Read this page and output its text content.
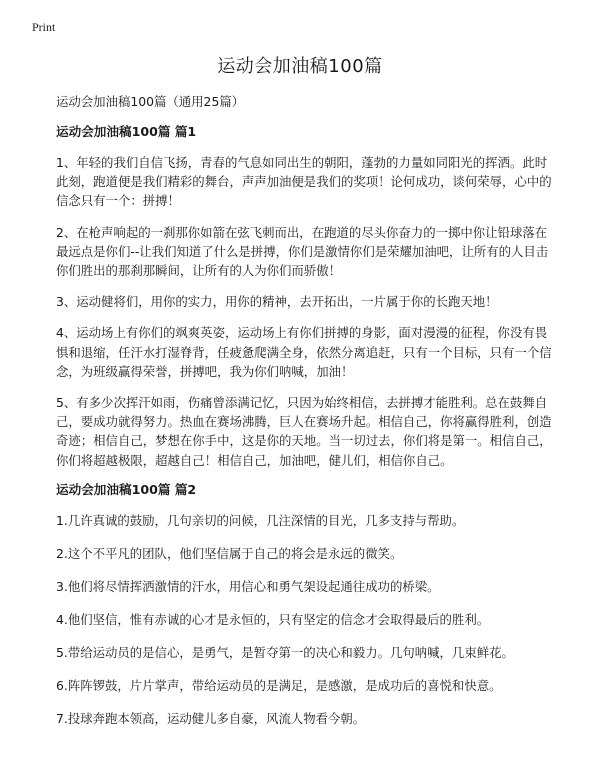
Print
运动会加油稿100篇

运动会加油稿100篇（通用25篇）

运动会加油稿100篇 篇1

1、年轻的我们自信飞扬，青春的气息如同出生的朝阳，蓬勃的力量如同阳光的挥洒。此时此刻，跑道便是我们精彩的舞台，声声加油便是我们的奖项！论何成功，谈何荣辱，心中的信念只有一个：拼搏！

2、在枪声响起的一刹那你如箭在弦飞刺而出，在跑道的尽头你奋力的一掷中你让铅球落在最远点是你们--让我们知道了什么是拼搏，你们是激情你们是荣耀加油吧，让所有的人目击你们胜出的那刹那瞬间，让所有的人为你们而骄傲！

3、运动健将们，用你的实力，用你的精神，去开拓出，一片属于你的长跑天地！

4、运动场上有你们的飒爽英姿，运动场上有你们拼搏的身影，面对漫漫的征程，你没有畏惧和退缩，任汗水打湿脊背，任疲惫爬满全身，依然分离追赶，只有一个目标，只有一个信念，为班级赢得荣誉，拼搏吧，我为你们呐喊，加油！

5、有多少次挥汗如雨，伤痛曾添满记忆，只因为始终相信，去拼搏才能胜利。总在鼓舞自己，要成功就得努力。热血在赛场沸腾，巨人在赛场升起。相信自己，你将赢得胜利，创造奇迹；相信自己，梦想在你手中，这是你的天地。当一切过去，你们将是第一。相信自己，你们将超越极限，超越自己！相信自己，加油吧，健儿们，相信你自己。

运动会加油稿100篇 篇2

1.几许真诚的鼓励，几句亲切的问候，几注深情的目光，几多支持与帮助。

2.这个不平凡的团队，他们坚信属于自己的将会是永远的微笑。

3.他们将尽情挥洒激情的汗水，用信心和勇气架设起通往成功的桥梁。

4.他们坚信，惟有赤诚的心才是永恒的，只有坚定的信念才会取得最后的胜利。

5.带给运动员的是信心，是勇气，是暂夺第一的决心和毅力。几句呐喊，几束鲜花。

6.阵阵锣鼓，片片掌声，带给运动员的是满足，是感激，是成功后的喜悦和快意。

7.投球奔跑本领高，运动健儿多自豪，风流人物看今朝。
